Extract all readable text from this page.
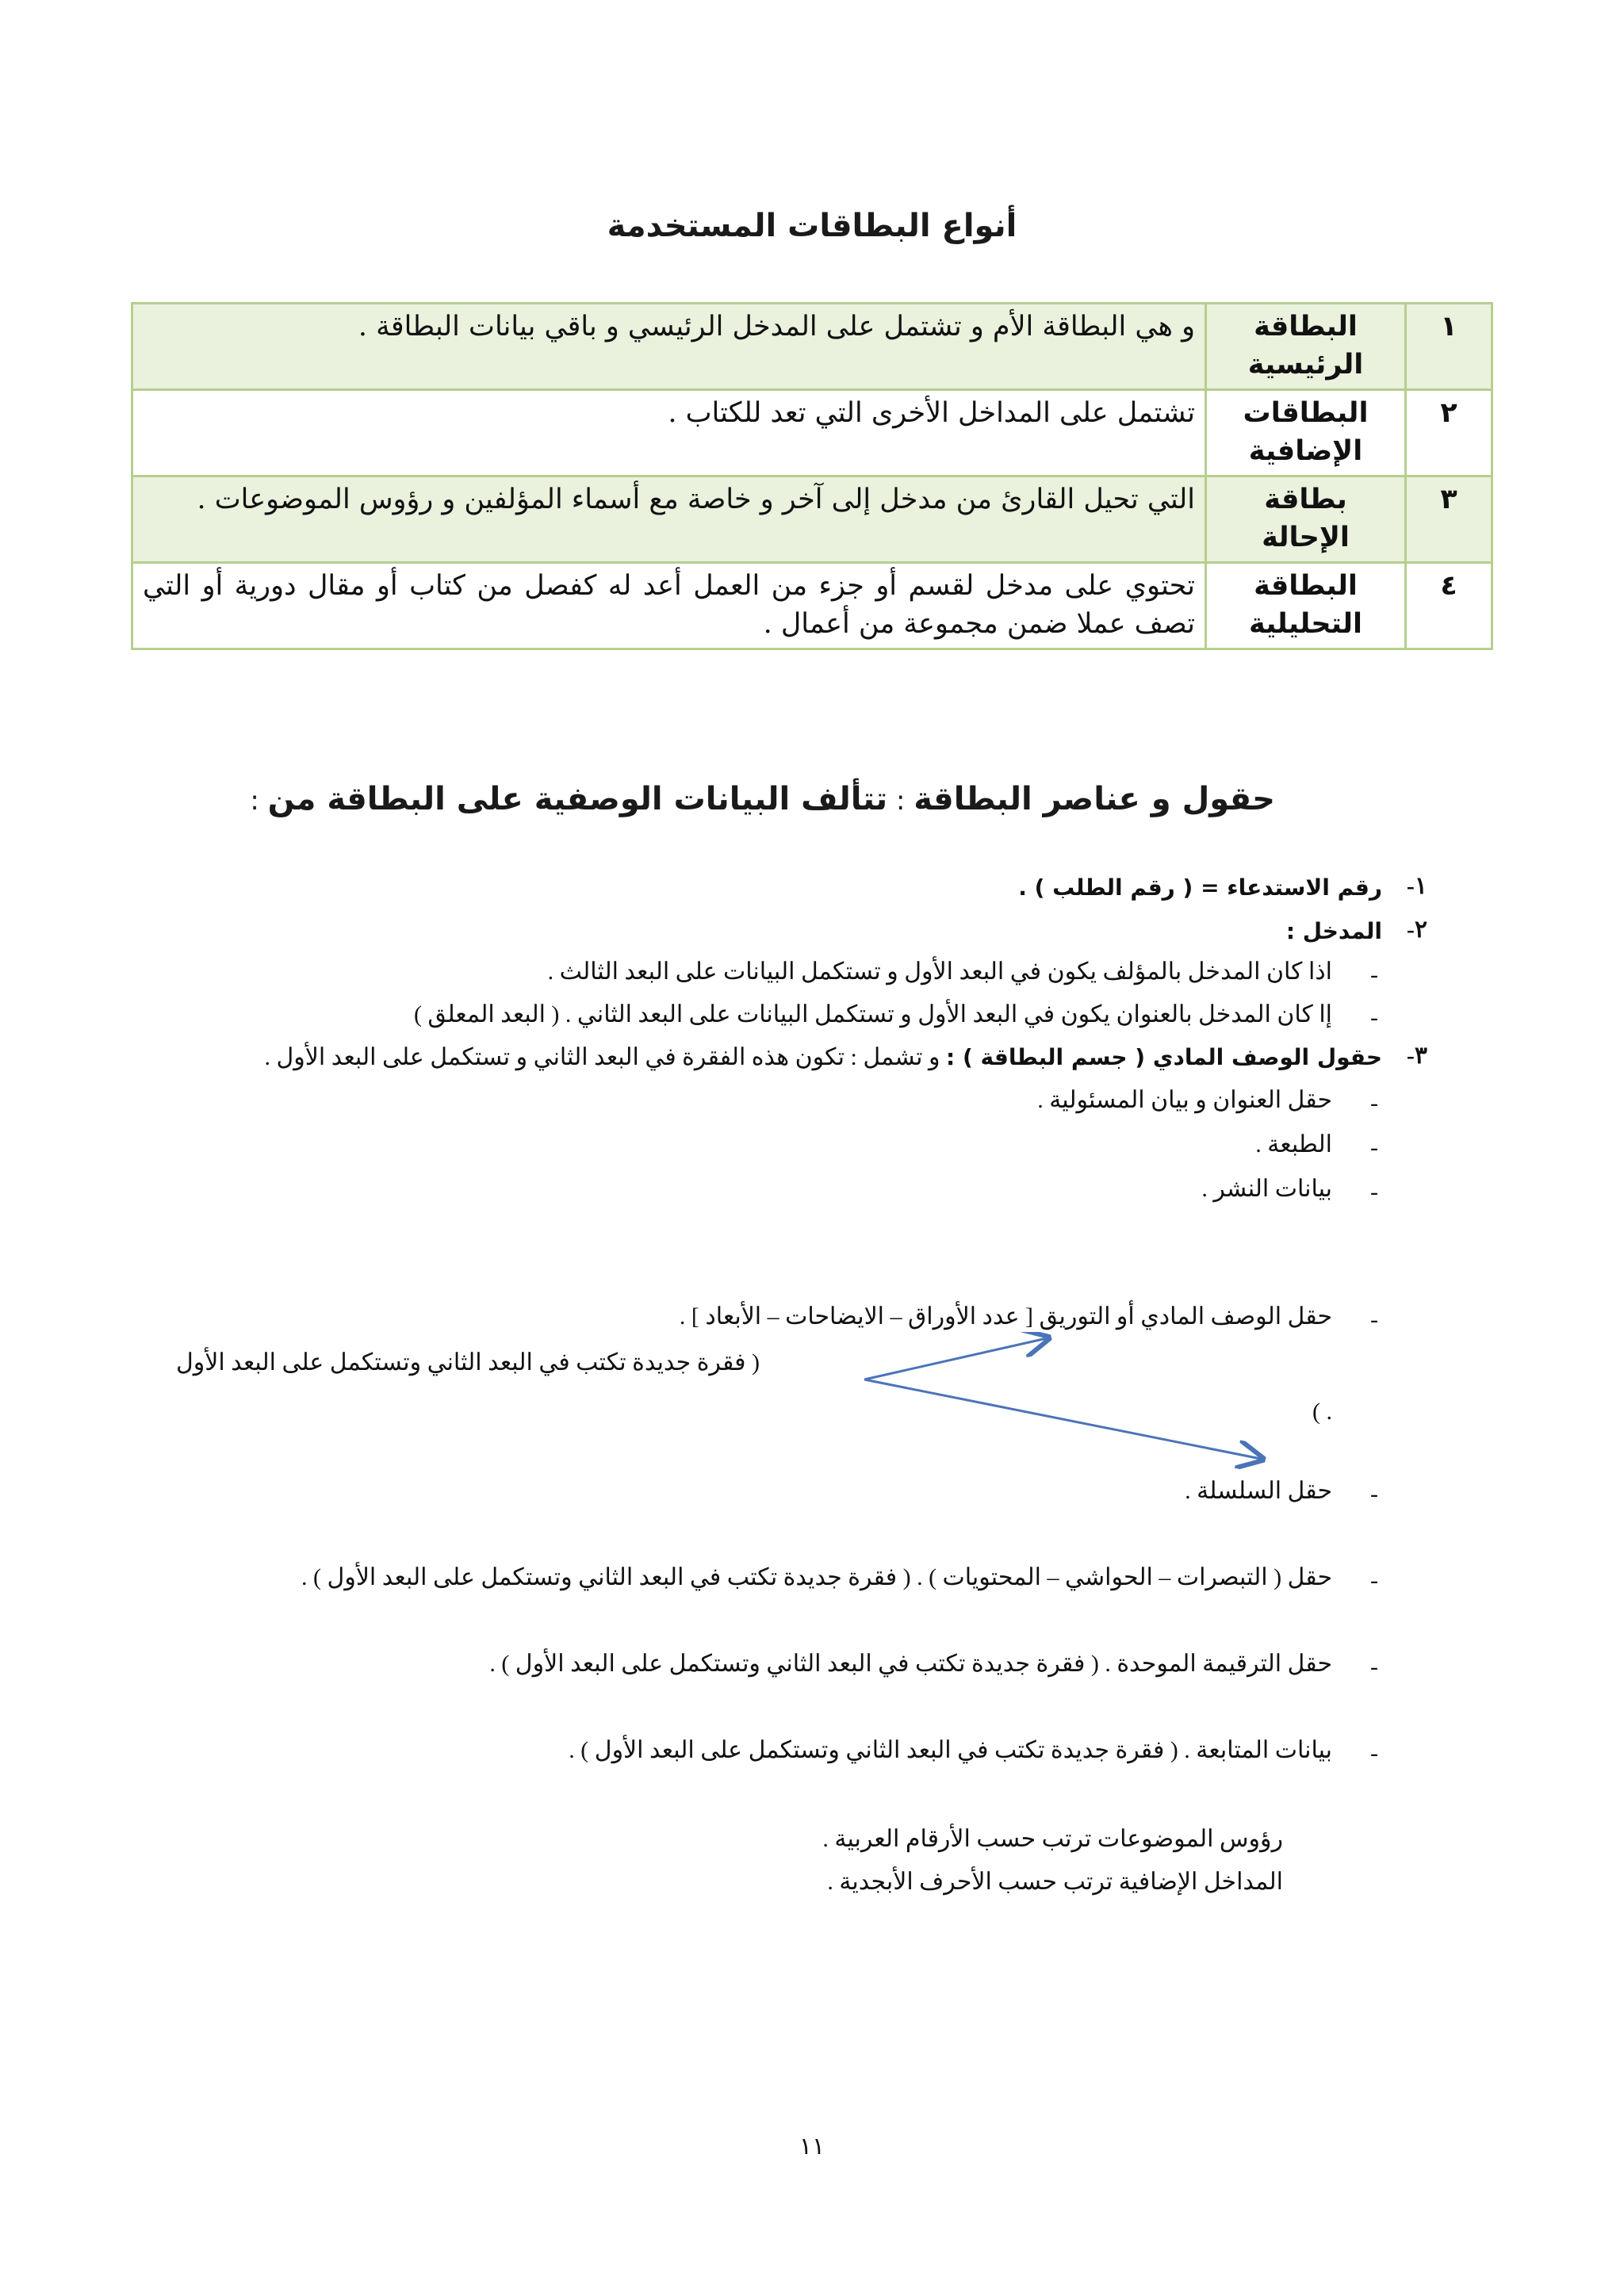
أنواع البطاقات المستخدمة
١	البطاقة الرئيسية	و هي البطاقة الأم و تشتمل على المدخل الرئيسي و باقي بيانات البطاقة .
٢	البطاقات الإضافية	تشتمل على المداخل الأخرى التي تعد للكتاب .
٣	بطاقة الإحالة	التي تحيل القارئ من مدخل إلى آخر و خاصة مع أسماء المؤلفين و رؤوس الموضوعات .
٤	البطاقة التحليلية	تحتوي على مدخل لقسم أو جزء من العمل أعد له كفصل من كتاب أو مقال دورية أو التي تصف عملا ضمن مجموعة من أعمال .
حقول و عناصر البطاقة : تتألف البيانات الوصفية على البطاقة من :
١-
رقم الاستدعاء = ( رقم الطلب ) .
٢-
المدخل :
-
اذا كان المدخل بالمؤلف يكون في البعد الأول و تستكمل البيانات على البعد الثالث .
-
إا كان المدخل بالعنوان يكون في البعد الأول و تستكمل البيانات على البعد الثاني . ( البعد المعلق )
٣-
حقول الوصف المادي ( جسم البطاقة ) : و تشمل : تكون هذه الفقرة في البعد الثاني و تستكمل على البعد الأول .
-
حقل العنوان و بيان المسئولية .
-
الطبعة .
-
بيانات النشر .
-
حقل الوصف المادي أو التوريق [ عدد الأوراق – الايضاحات – الأبعاد ] .
( فقرة جديدة تكتب في البعد الثاني وتستكمل على البعد الأول
. )
-
حقل السلسلة .
-
حقل ( التبصرات – الحواشي – المحتويات ) . ( فقرة جديدة تكتب في البعد الثاني وتستكمل على البعد الأول ) .
-
حقل الترقيمة الموحدة . ( فقرة جديدة تكتب في البعد الثاني وتستكمل على البعد الأول ) .
-
بيانات المتابعة . ( فقرة جديدة تكتب في البعد الثاني وتستكمل على البعد الأول ) .
رؤوس الموضوعات ترتب حسب الأرقام العربية .
المداخل الإضافية ترتب حسب الأحرف الأبجدية .
١١
